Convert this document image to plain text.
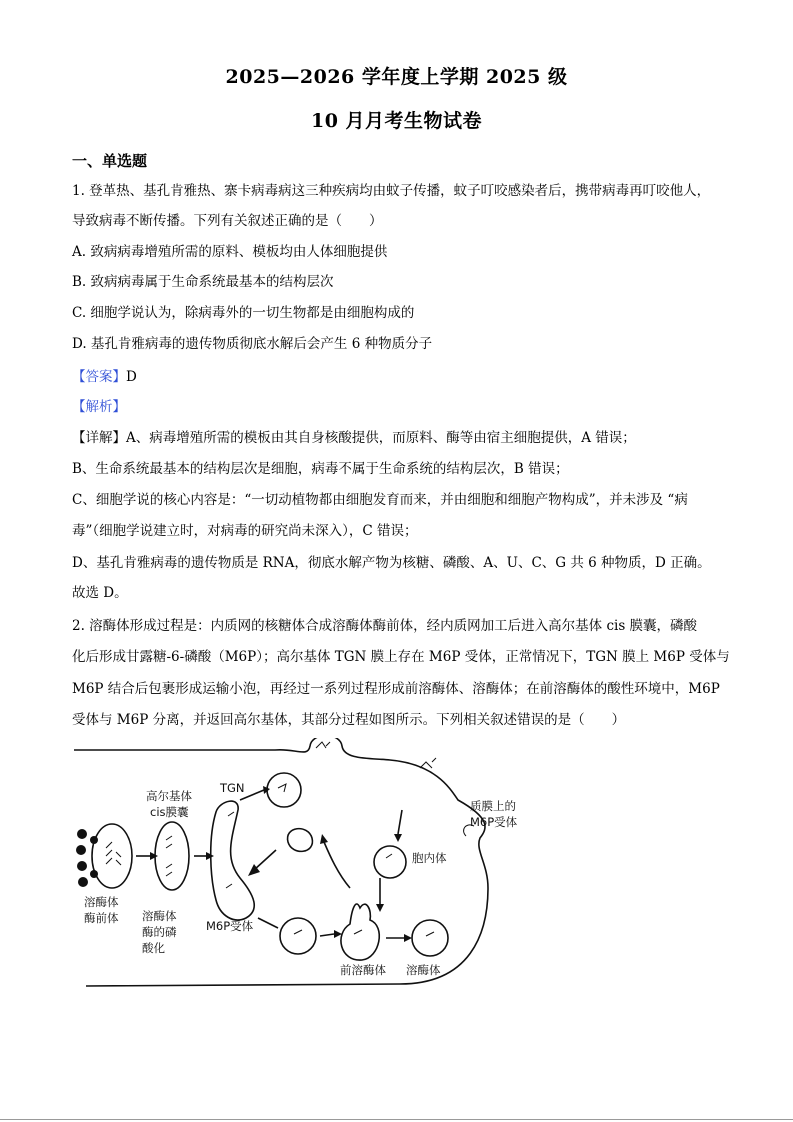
2025—2026 学年度上学期 2025 级
10 月月考生物试卷
一、单选题
1. 登革热、基孔肯雅热、寨卡病毒病这三种疾病均由蚊子传播，蚊子叮咬感染者后，携带病毒再叮咬他人，
导致病毒不断传播。下列有关叙述正确的是（　　）
A. 致病病毒增殖所需的原料、模板均由人体细胞提供
B. 致病病毒属于生命系统最基本的结构层次
C. 细胞学说认为，除病毒外的一切生物都是由细胞构成的
D. 基孔肯雅病毒的遗传物质彻底水解后会产生 6 种物质分子
【答案】D
【解析】
【详解】A、病毒增殖所需的模板由其自身核酸提供，而原料、酶等由宿主细胞提供，A 错误；
B、生命系统最基本的结构层次是细胞，病毒不属于生命系统的结构层次，B 错误；
C、细胞学说的核心内容是：“一切动植物都由细胞发育而来，并由细胞和细胞产物构成”，并未涉及 “病
毒”（细胞学说建立时，对病毒的研究尚未深入），C 错误；
D、基孔肯雅病毒的遗传物质是 RNA，彻底水解产物为核糖、磷酸、A、U、C、G 共 6 种物质，D 正确。
故选 D。
2. 溶酶体形成过程是：内质网的核糖体合成溶酶体酶前体，经内质网加工后进入高尔基体 cis 膜囊，磷酸
化后形成甘露糖-6-磷酸（M6P）；高尔基体 TGN 膜上存在 M6P 受体，正常情况下，TGN 膜上 M6P 受体与
M6P 结合后包裹形成运输小泡，再经过一系列过程形成前溶酶体、溶酶体；在前溶酶体的酸性环境中，M6P
受体与 M6P 分离，并返回高尔基体，其部分过程如图所示。下列相关叙述错误的是（　　）
高尔基体
cis膜囊
TGN
质膜上的
M6P受体
溶酶体
酶前体 溶酶体
酶的磷
酸化
M6P受体
胞内体
前溶酶体 溶酶体
